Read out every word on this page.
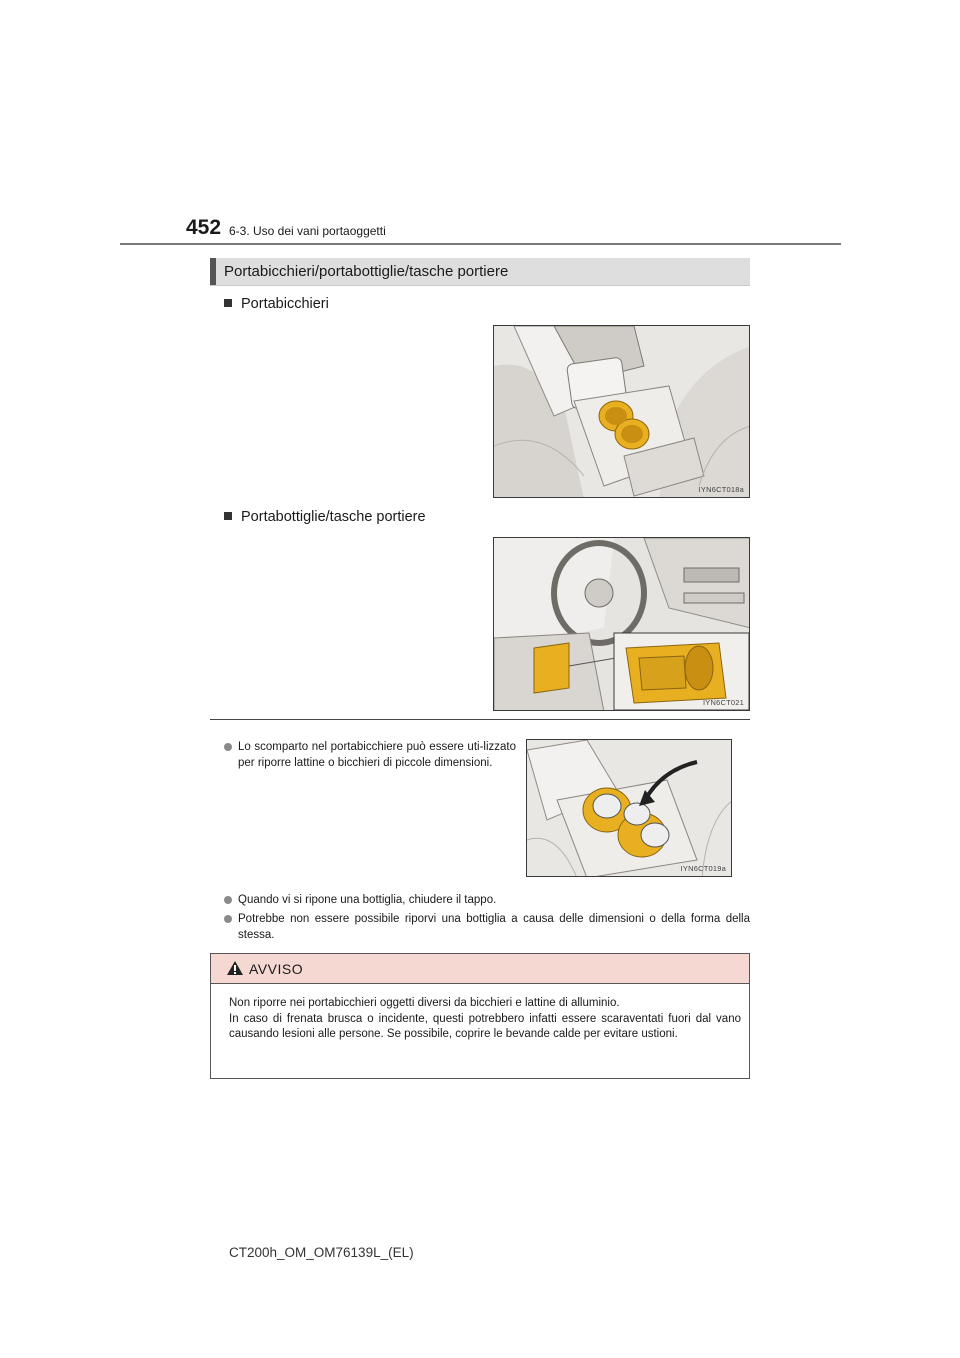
452 6-3. Uso dei vani portaoggetti
Portabicchieri/portabottiglie/tasche portiere
Portabicchieri
IYN6CT018a
Portabottiglie/tasche portiere
IYN6CT021
Lo scomparto nel portabicchiere può essere uti-lizzato per riporre lattine o bicchieri di piccole dimensioni.
IYN6CT019a
Quando vi si ripone una bottiglia, chiudere il tappo.
Potrebbe non essere possibile riporvi una bottiglia a causa delle dimensioni o della forma della stessa.
AVVISO
Non riporre nei portabicchieri oggetti diversi da bicchieri e lattine di alluminio.
In caso di frenata brusca o incidente, questi potrebbero infatti essere scaraventati fuori dal vano causando lesioni alle persone. Se possibile, coprire le bevande calde per evitare ustioni.
CT200h_OM_OM76139L_(EL)
